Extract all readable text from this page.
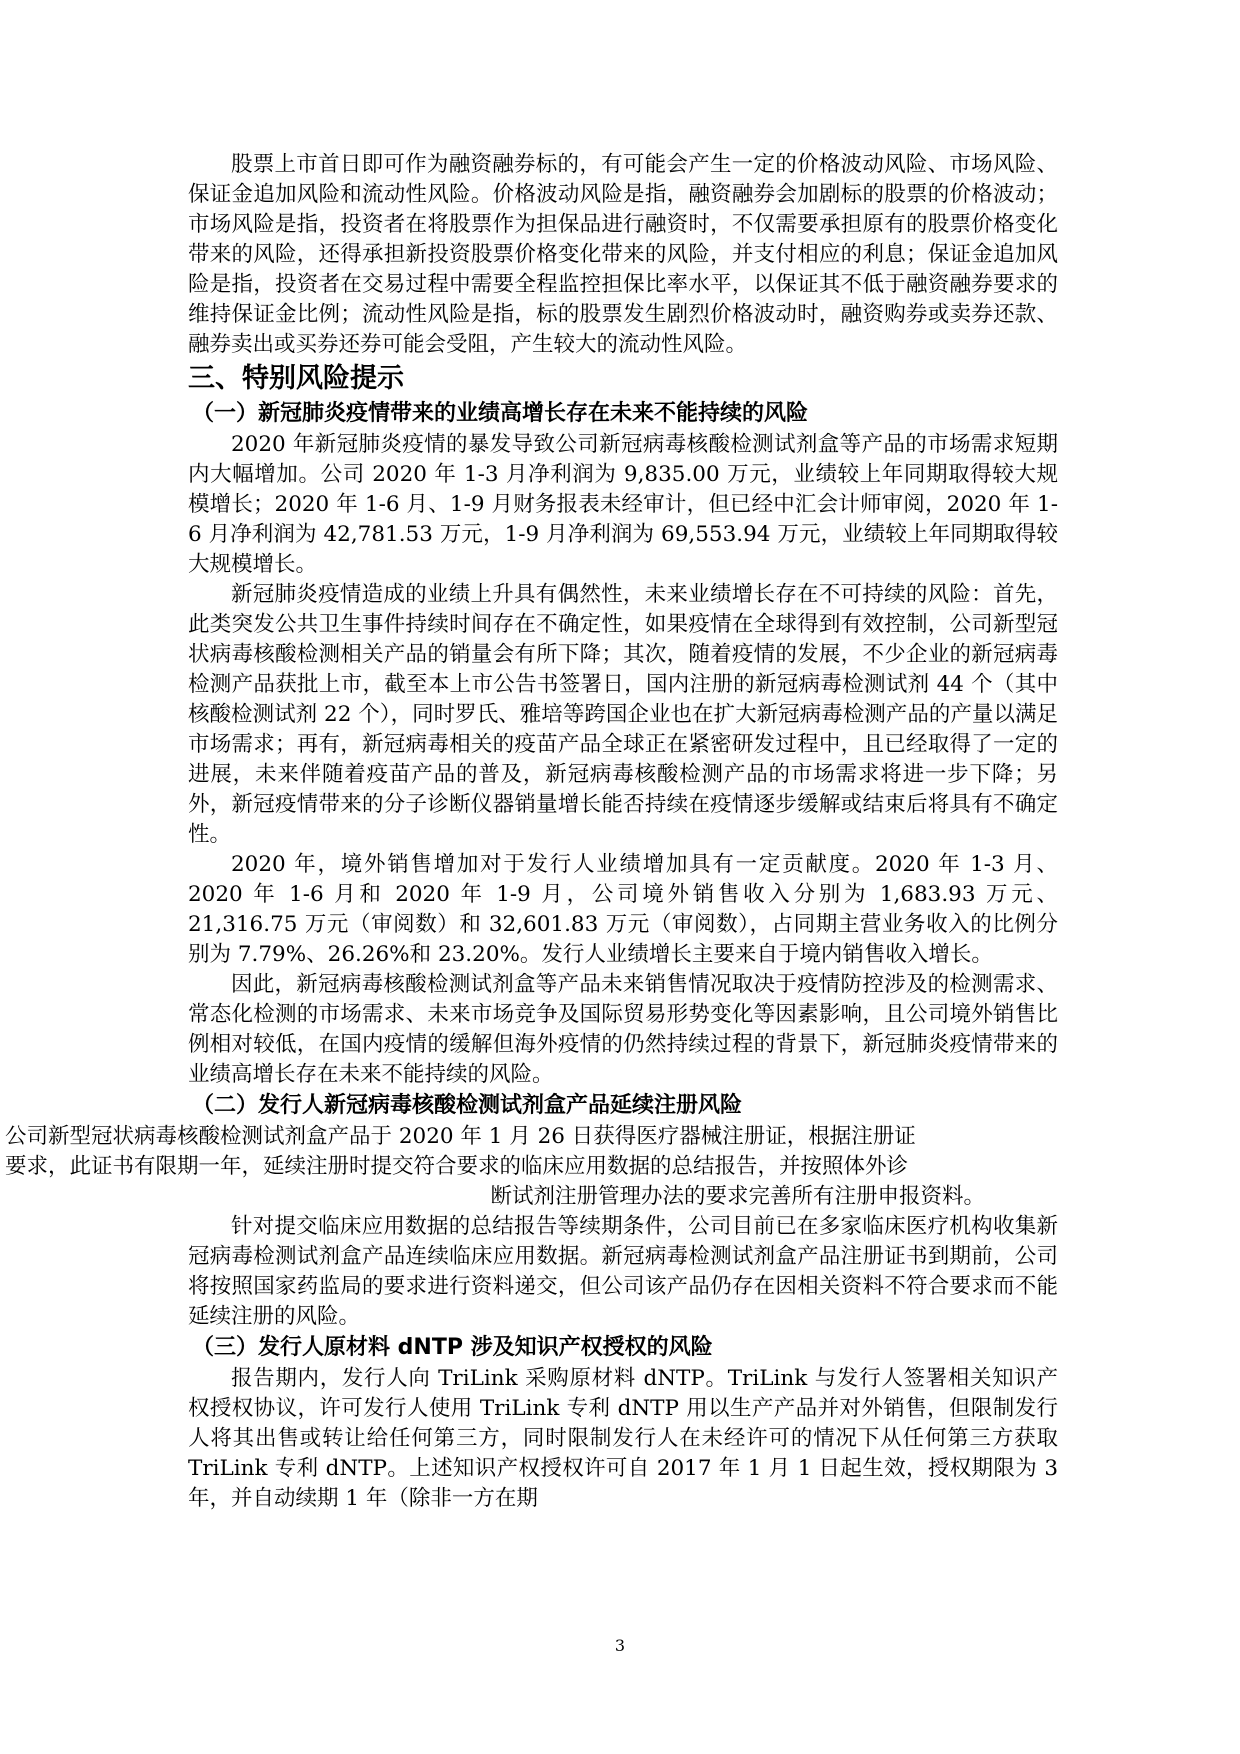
股票上市首日即可作为融资融券标的，有可能会产生一定的价格波动风险、市场风险、保证金追加风险和流动性风险。价格波动风险是指，融资融券会加剧标的股票的价格波动；市场风险是指，投资者在将股票作为担保品进行融资时，不仅需要承担原有的股票价格变化带来的风险，还得承担新投资股票价格变化带来的风险，并支付相应的利息；保证金追加风险是指，投资者在交易过程中需要全程监控担保比率水平，以保证其不低于融资融券要求的维持保证金比例；流动性风险是指，标的股票发生剧烈价格波动时，融资购券或卖券还款、融券卖出或买券还券可能会受阻，产生较大的流动性风险。

三、特别风险提示
（一）新冠肺炎疫情带来的业绩高增长存在未来不能持续的风险

2020 年新冠肺炎疫情的暴发导致公司新冠病毒核酸检测试剂盒等产品的市场需求短期内大幅增加。公司 2020 年 1-3 月净利润为 9,835.00 万元，业绩较上年同期取得较大规模增长；2020 年 1-6 月、1-9 月财务报表未经审计，但已经中汇会计师审阅，2020 年 1-6 月净利润为 42,781.53 万元，1-9 月净利润为 69,553.94 万元，业绩较上年同期取得较大规模增长。

新冠肺炎疫情造成的业绩上升具有偶然性，未来业绩增长存在不可持续的风险：首先，此类突发公共卫生事件持续时间存在不确定性，如果疫情在全球得到有效控制，公司新型冠状病毒核酸检测相关产品的销量会有所下降；其次，随着疫情的发展，不少企业的新冠病毒检测产品获批上市，截至本上市公告书签署日，国内注册的新冠病毒检测试剂 44 个（其中核酸检测试剂 22 个），同时罗氏、雅培等跨国企业也在扩大新冠病毒检测产品的产量以满足市场需求；再有，新冠病毒相关的疫苗产品全球正在紧密研发过程中，且已经取得了一定的进展，未来伴随着疫苗产品的普及，新冠病毒核酸检测产品的市场需求将进一步下降；另外，新冠疫情带来的分子诊断仪器销量增长能否持续在疫情逐步缓解或结束后将具有不确定性。

2020 年，境外销售增加对于发行人业绩增加具有一定贡献度。2020 年 1-3 月、2020 年 1-6 月和 2020 年 1-9 月，公司境外销售收入分别为 1,683.93 万元、 21,316.75 万元（审阅数）和 32,601.83 万元（审阅数），占同期主营业务收入的比例分别为 7.79%、26.26%和 23.20%。发行人业绩增长主要来自于境内销售收入增长。

因此，新冠病毒核酸检测试剂盒等产品未来销售情况取决于疫情防控涉及的检测需求、常态化检测的市场需求、未来市场竞争及国际贸易形势变化等因素影响，且公司境外销售比例相对较低，在国内疫情的缓解但海外疫情的仍然持续过程的背景下，新冠肺炎疫情带来的业绩高增长存在未来不能持续的风险。

（二）发行人新冠病毒核酸检测试剂盒产品延续注册风险
公司新型冠状病毒核酸检测试剂盒产品于 2020 年 1 月 26 日获得医疗器械注册证，根据注册证
要求，此证书有限期一年，延续注册时提交符合要求的临床应用数据的总结报告，并按照体外诊
断试剂注册管理办法的要求完善所有注册申报资料。

针对提交临床应用数据的总结报告等续期条件，公司目前已在多家临床医疗机构收集新冠病毒检测试剂盒产品连续临床应用数据。新冠病毒检测试剂盒产品注册证书到期前，公司将按照国家药监局的要求进行资料递交，但公司该产品仍存在因相关资料不符合要求而不能延续注册的风险。

（三）发行人原材料 dNTP 涉及知识产权授权的风险

报告期内，发行人向 TriLink 采购原材料 dNTP。TriLink 与发行人签署相关知识产权授权协议，许可发行人使用 TriLink 专利 dNTP 用以生产产品并对外销售，但限制发行人将其出售或转让给任何第三方，同时限制发行人在未经许可的情况下从任何第三方获取 TriLink 专利 dNTP。上述知识产权授权许可自 2017 年 1 月 1 日起生效，授权期限为 3 年，并自动续期 1 年（除非一方在期

3
